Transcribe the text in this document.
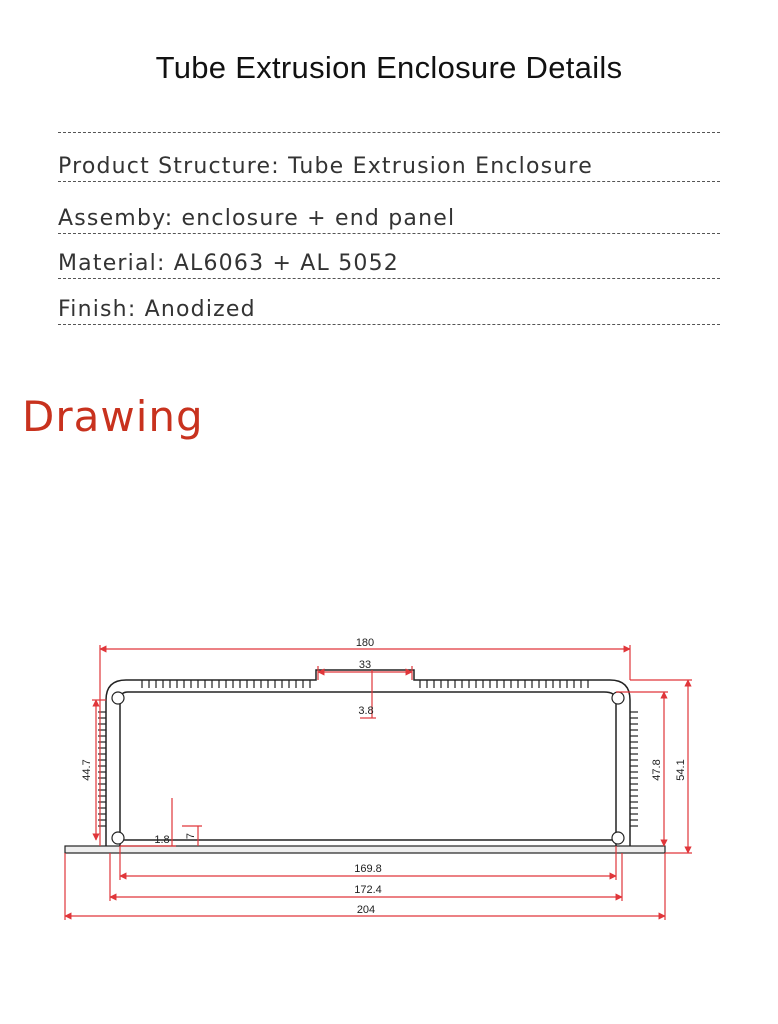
Tube Extrusion Enclosure Details
Product Structure: Tube Extrusion Enclosure
Assemby: enclosure + end panel
Material: AL6063 + AL 5052
Finish: Anodized
Drawing
180
33
3.8
44.7	47.8 54.1
1.8 7
169.8
172.4
204
